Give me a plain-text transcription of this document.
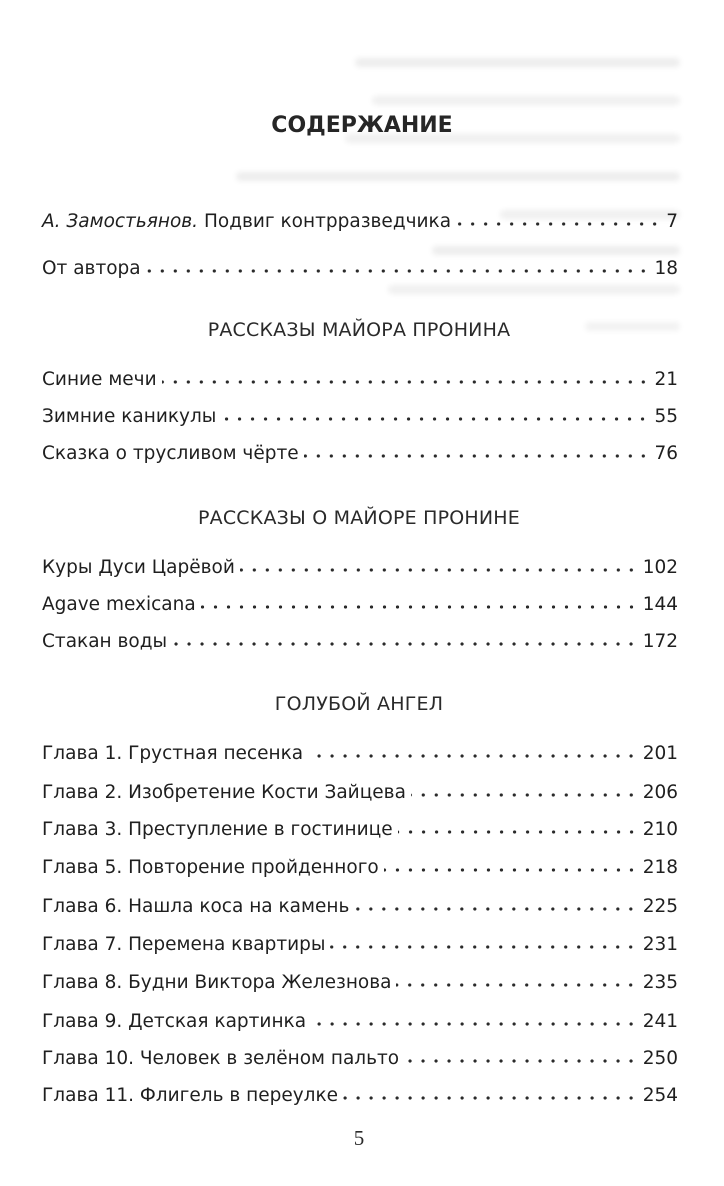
СОДЕРЖАНИЕ
А. Замостьянов. Подвиг контрразведчика	7
От автора	18
РАССКАЗЫ МАЙОРА ПРОНИНА
Синие мечи	21
Зимние каникулы	55
Сказка о трусливом чёрте	76
РАССКАЗЫ О МАЙОРЕ ПРОНИНЕ
Куры Дуси Царёвой	102
Agave mexicana	144
Стакан воды	172
ГОЛУБОЙ АНГЕЛ
Глава 1. Грустная песенка	201
Глава 2. Изобретение Кости Зайцева	206
Глава 3. Преступление в гостинице	210
Глава 5. Повторение пройденного	218
Глава 6. Нашла коса на камень	225
Глава 7. Перемена квартиры	231
Глава 8. Будни Виктора Железнова	235
Глава 9. Детская картинка	241
Глава 10. Человек в зелёном пальто	250
Глава 11. Флигель в переулке	254
5
